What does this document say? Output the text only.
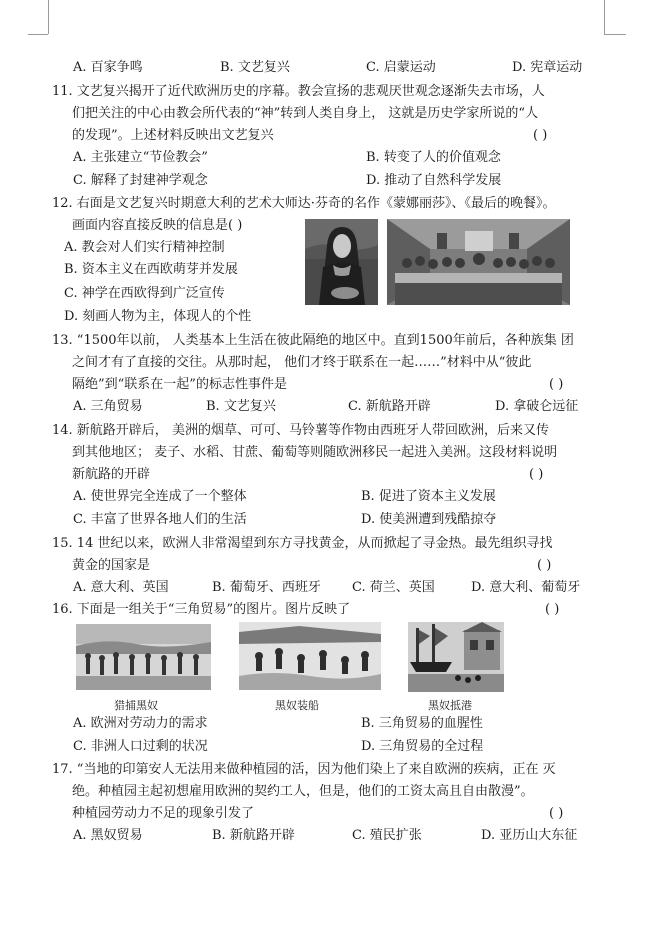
A. 百家争鸣	B. 文艺复兴	C. 启蒙运动	D. 宪章运动
11. 文艺复兴揭开了近代欧洲历史的序幕。教会宣扬的悲观厌世观念逐渐失去市场，人
们把关注的中心由教会所代表的“神”转到人类自身上， 这就是历史学家所说的“人
的发现”。上述材料反映出文艺复兴	( )
A. 主张建立“节俭教会”	B. 转变了人的价值观念
C. 解释了封建神学观念	D. 推动了自然科学发展
12. 右面是文艺复兴时期意大利的艺术大师达·芬奇的名作《蒙娜丽莎》、《最后的晚餐》。
画面内容直接反映的信息是( )
A. 教会对人们实行精神控制
B. 资本主义在西欧萌芽并发展
C. 神学在西欧得到广泛宣传
D. 刻画人物为主，体现人的个性
13. “1500年以前， 人类基本上生活在彼此隔绝的地区中。直到1500年前后，各种族集 团
之间才有了直接的交往。从那时起， 他们才终于联系在一起……”材料中从“彼此
隔绝”到“联系在一起”的标志性事件是	( )
A. 三角贸易	B. 文艺复兴	C. 新航路开辟	D. 拿破仑远征
14. 新航路开辟后， 美洲的烟草、可可、马铃薯等作物由西班牙人带回欧洲，后来又传
到其他地区； 麦子、水稻、甘蔗、葡萄等则随欧洲移民一起进入美洲。这段材料说明
新航路的开辟	( )
A. 使世界完全连成了一个整体	B. 促进了资本主义发展
C. 丰富了世界各地人们的生活	D. 使美洲遭到残酷掠夺
15. 14 世纪以来，欧洲人非常渴望到东方寻找黄金，从而掀起了寻金热。最先组织寻找
黄金的国家是	( )
A. 意大利、英国	B. 葡萄牙、西班牙 C. 荷兰、英国	D. 意大利、葡萄牙
16. 下面是一组关于“三角贸易”的图片。图片反映了	( )
猎捕黑奴	黑奴装船	黑奴抵港
A. 欧洲对劳动力的需求	B. 三角贸易的血腥性
C. 非洲人口过剩的状况	D. 三角贸易的全过程
17. “当地的印第安人无法用来做种植园的活，因为他们染上了来自欧洲的疾病，正在 灭
绝。种植园主起初想雇用欧洲的契约工人，但是，他们的工资太高且自由散漫”。
种植园劳动力不足的现象引发了	( )
A. 黑奴贸易	B. 新航路开辟	C. 殖民扩张	D. 亚历山大东征
